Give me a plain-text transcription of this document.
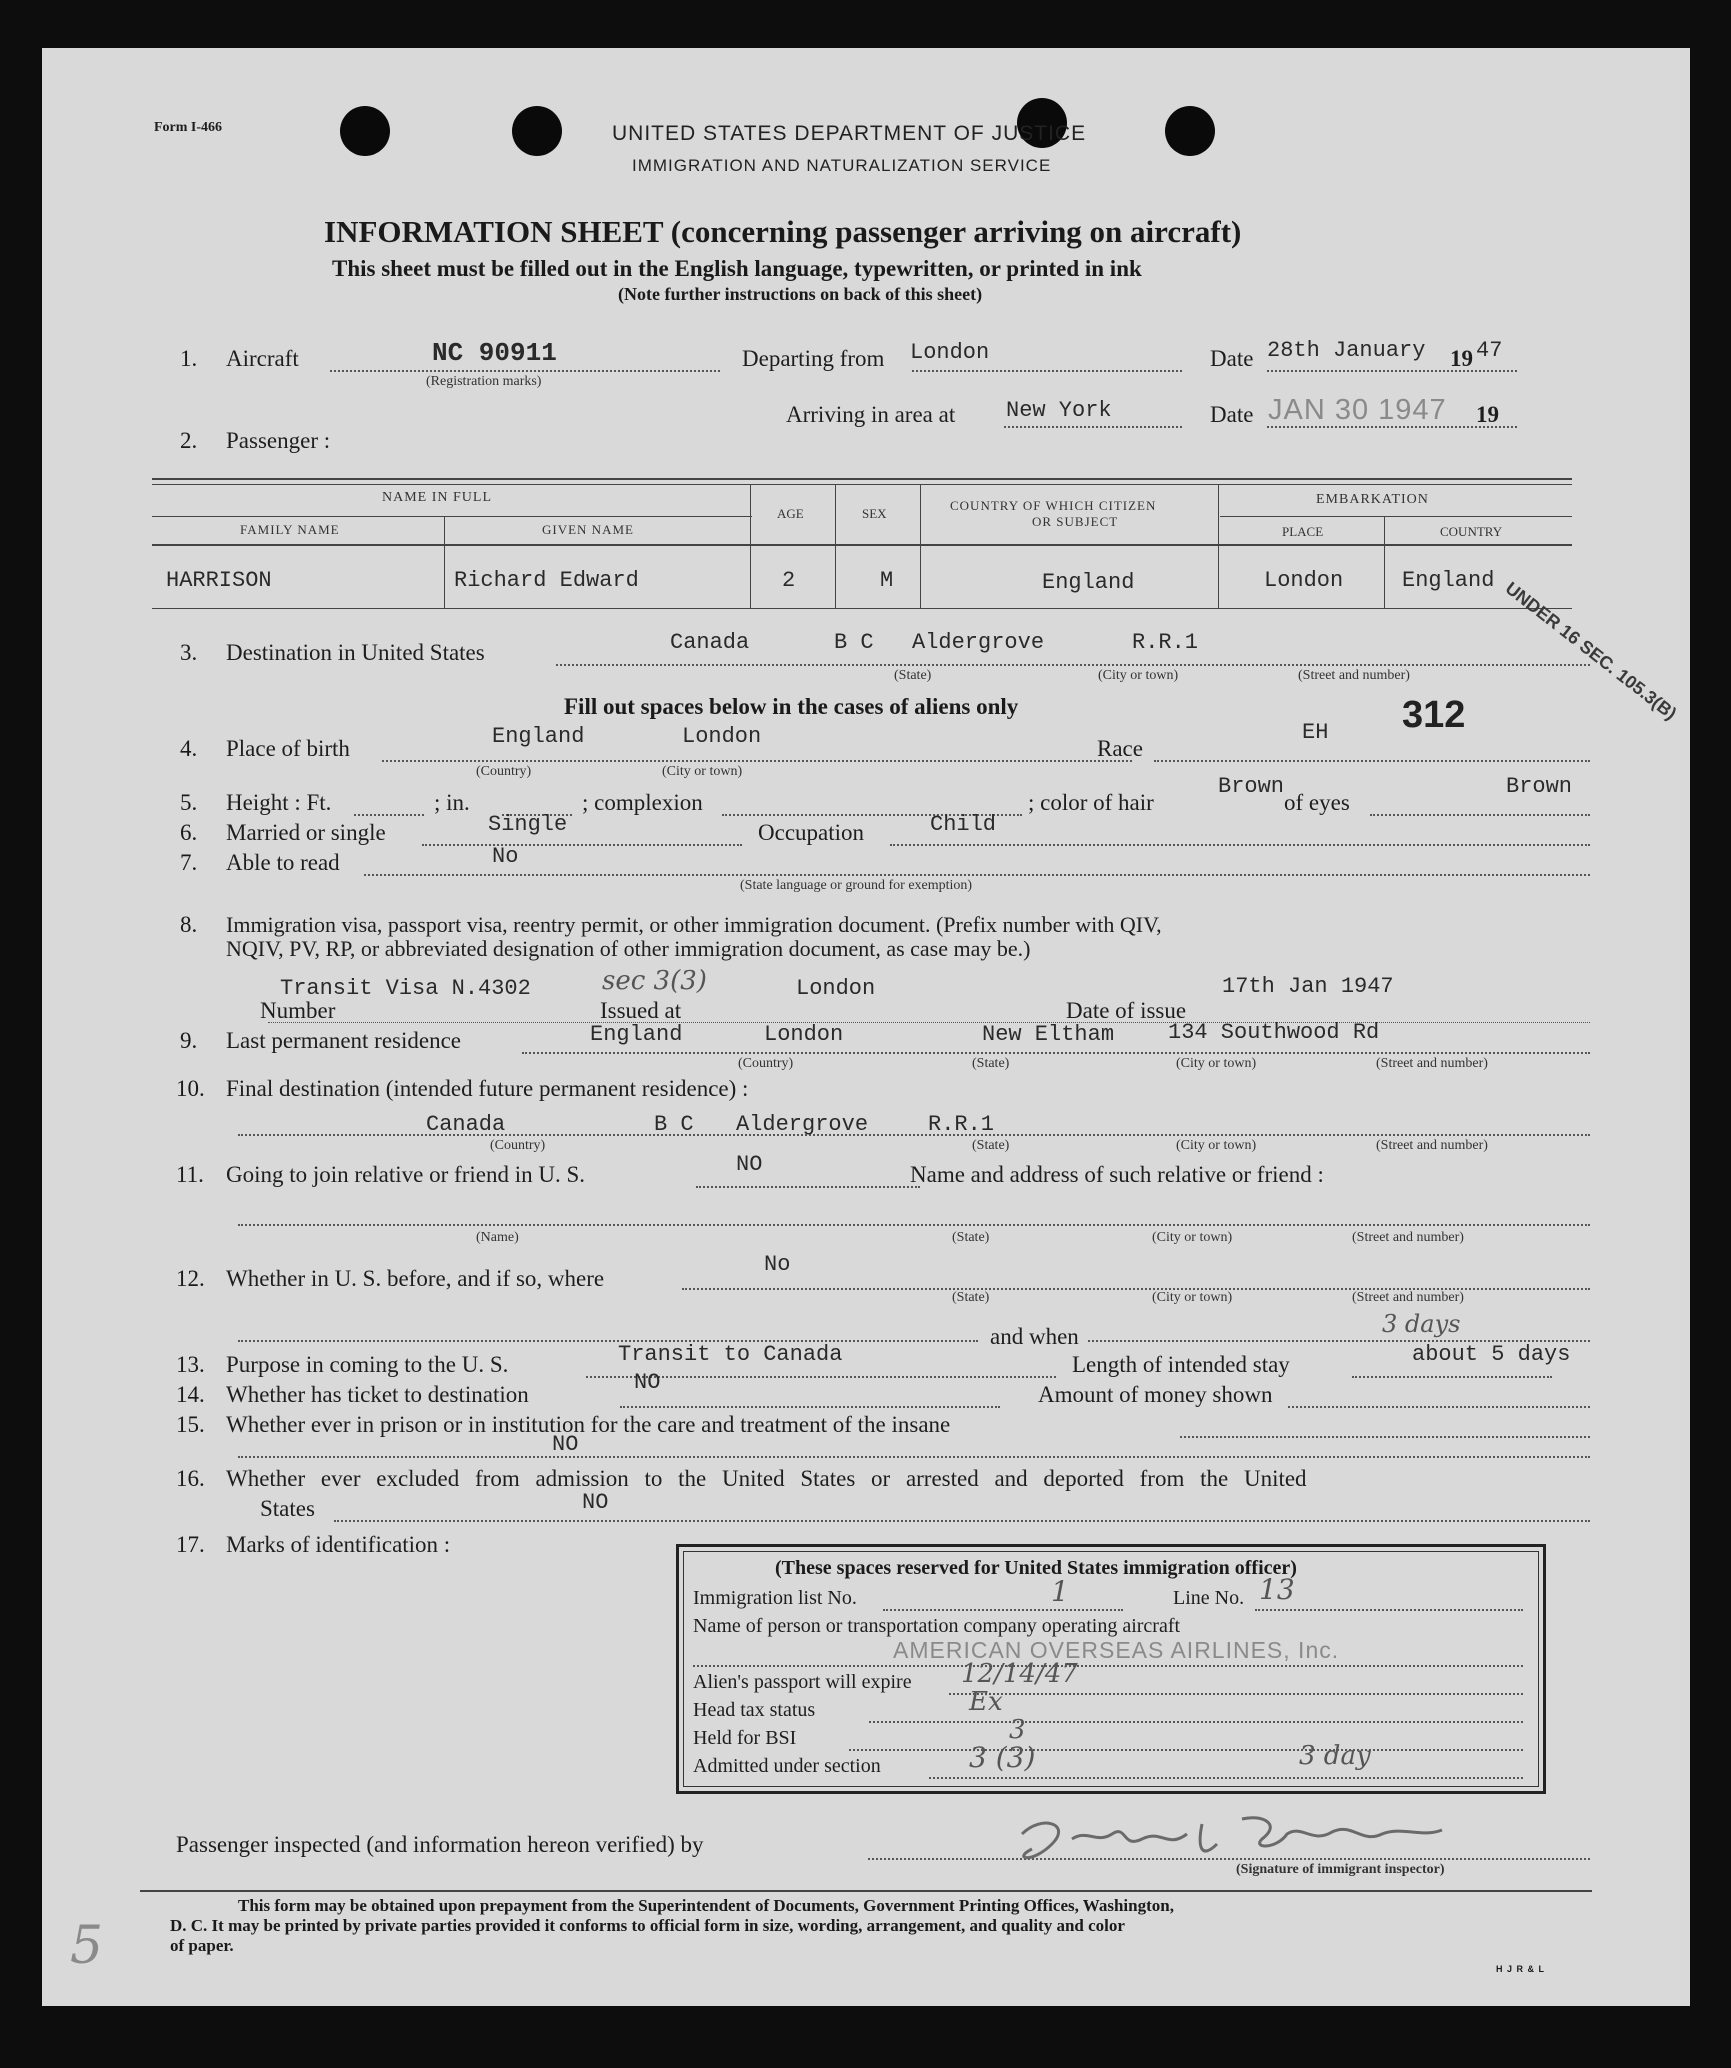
Form I-466	UNITED STATES DEPARTMENT OF JUSTICE
IMMIGRATION AND NATURALIZATION SERVICE
INFORMATION SHEET (concerning passenger arriving on aircraft)
This sheet must be filled out in the English language, typewritten, or printed in ink
(Note further instructions on back of this sheet)
1. Aircraft	NC 90911
(Registration marks)
Departing from London	Date 28th January 19 47
Arriving in area at New York	Date JAN 30 1947 19
2. Passenger :
NAME IN FULL
FAMILY NAME	GIVEN NAME
AGE	SEX
COUNTRY OF WHICH CITIZEN
OR SUBJECT
EMBARKATION
PLACE	COUNTRY
HARRISON	Richard Edward	2	M	England	London	England UNDER 16 SEC. 105.3(B)
3. Destination in United States	Canada	B C Aldergrove	R.R.1
(State)	(City or town)	(Street and number)
Fill out spaces below in the cases of aliens only
4. Place of birth	England	London
(Country)	(City or town)
Race
EH 312
5. Height : Ft.	; in.	; complexion	; color of hair
Brown
of eyes
Brown
6. Married or single	Single	Occupation	Child
7. Able to read	No
(State language or ground for exemption)
8. Immigration visa, passport visa, reentry permit, or other immigration document. (Prefix number with QIV,
NQIV, PV, RP, or abbreviated designation of other immigration document, as case may be.)
Transit Visa N.4302	sec 3(3)	London	17th Jan 1947
Number	Issued at	Date of issue
9. Last permanent residence	England	London	New Eltham 134 Southwood Rd
(Country)	(State)	(City or town)	(Street and number)
10. Final destination (intended future permanent residence) :
Canada	B C Aldergrove	R.R.1
(Country)	(State)	(City or town)	(Street and number)
11. Going to join relative or friend in U. S.	NO	Name and address of such relative or friend :
(Name)	(State)	(City or town)	(Street and number)
12. Whether in U. S. before, and if so, where
No
(State)	(City or town)	(Street and number)
and when	3 days
13. Purpose in coming to the U. S.	Transit to Canada	Length of intended stay	about 5 days
14. Whether has ticket to destination	NO	Amount of money shown
15. Whether ever in prison or in institution for the care and treatment of the insane
NO
16. Whether ever excluded from admission to the United States or arrested and deported from the United
States	NO
17. Marks of identification :
(These spaces reserved for United States immigration officer)
Immigration list No.	1	Line No. 13
Name of person or transportation company operating aircraft
AMERICAN OVERSEAS AIRLINES, Inc.
Alien's passport will expire 12/14/47
Head tax status	Ex
Held for BSI	3
Admitted under section	3 (3)	3 day
Passenger inspected (and information hereon verified) by
(Signature of immigrant inspector)
This form may be obtained upon prepayment from the Superintendent of Documents, Government Printing Offices, Washington,
D. C. It may be printed by private parties provided it conforms to official form in size, wording, arrangement, and quality and color
of paper.
H J R & L
5
